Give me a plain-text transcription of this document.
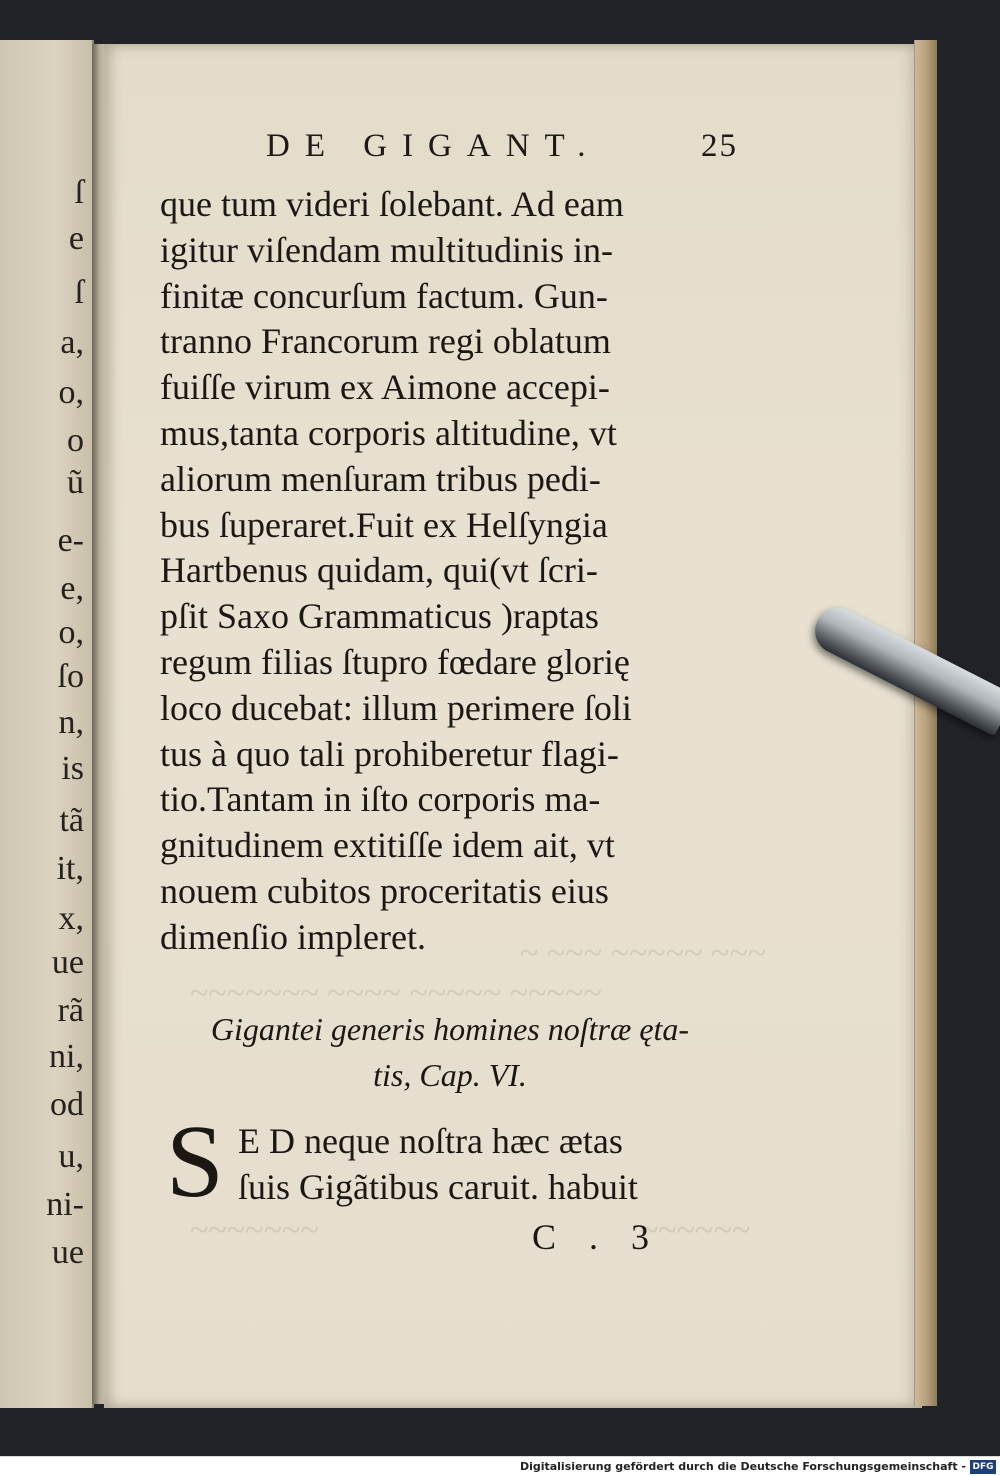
ſ
e
ſ
a,
o,
o
ũ
e-
e,
o,
ſo
n,
is
tã
it,
x,
ue
rã
ni,
od
u,
ni-
ue
~ ~~~ ~~~~~ ~~~
~~~~~~~ ~~~~ ~~~~~ ~~~~~
~~~~~~~	~~~~~~
DE GIGANT.	25
que tum videri ſolebant. Ad eam
igitur viſendam multitudinis in‐
finitæ concurſum factum. Gun‐
tranno Francorum regi oblatum
fuiſſe virum ex Aimone accepi‐
mus,tanta corporis altitudine, vt
aliorum menſuram tribus pedi‐
bus ſuperaret.Fuit ex Helſyngia
Hartbenus quidam, qui(vt ſcri‐
pſit Saxo Grammaticus )raptas
regum filias ſtupro fœdare glorię
loco ducebat: illum perimere ſoli
tus à quo tali prohiberetur flagi‐
tio.Tantam in iſto corporis ma‐
gnitudinem extitiſſe idem ait, vt
nouem cubitos proceritatis eius
dimenſio impleret.
Gigantei generis homines noſtræ ęta‐
tis, Cap. VI.
S E D neque noſtra hæc ætas
ſuis Gigãtibus caruit. habuit
C . 3
Digitalisierung gefördert durch die Deutsche Forschungsgemeinschaft - DFG
